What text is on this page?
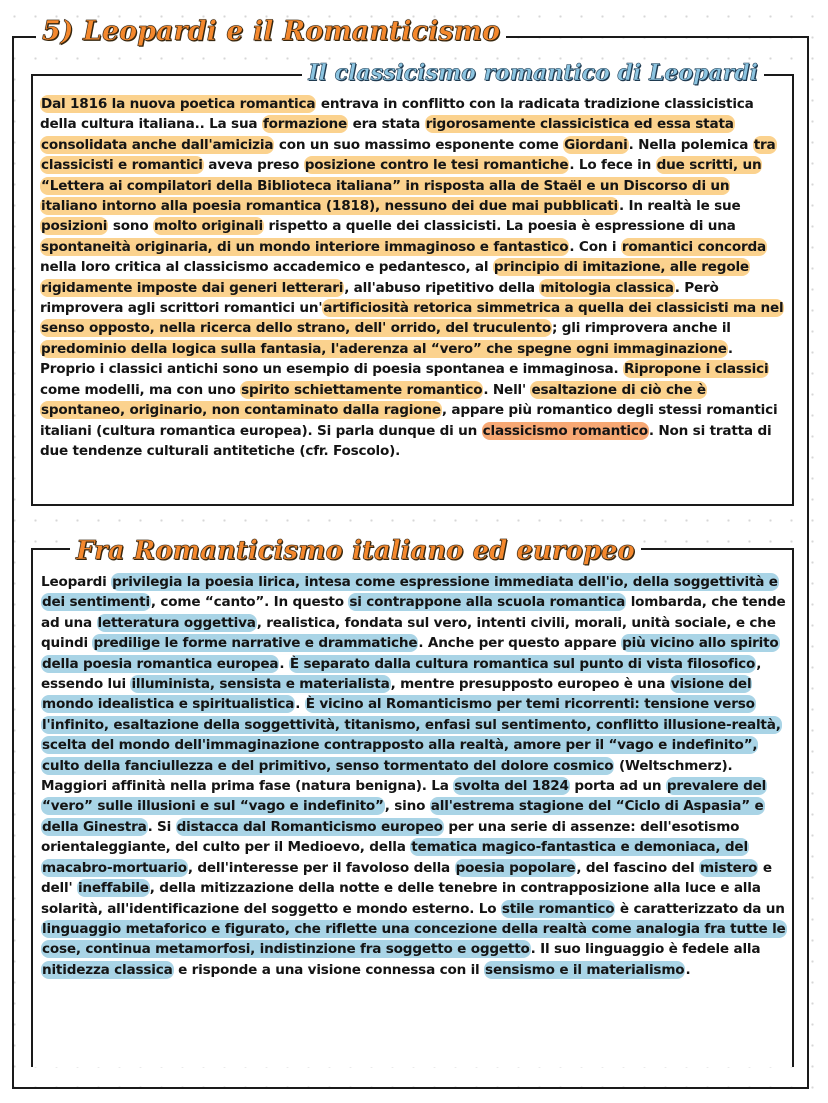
Dal 1816 la nuova poetica romantica entrava in conflitto con la radicata tradizione classicistica della cultura italiana.. La sua formazione era stata rigorosamente classicistica ed essa stata consolidata anche dall'amicizia con un suo massimo esponente come Giordani. Nella polemica tra classicisti e romantici aveva preso posizione contro le tesi romantiche. Lo fece in due scritti, un “Lettera ai compilatori della Biblioteca italiana” in risposta alla de Staël e un Discorso di un italiano intorno alla poesia romantica (1818), nessuno dei due mai pubblicati. In realtà le sue posizioni sono molto originali rispetto a quelle dei classicisti. La poesia è espressione di una spontaneità originaria, di un mondo interiore immaginoso e fantastico. Con i romantici concorda nella loro critica al classicismo accademico e pedantesco, al principio di imitazione, alle regole rigidamente imposte dai generi letterari, all'abuso ripetitivo della mitologia classica. Però rimprovera agli scrittori romantici un'artificiosità retorica simmetrica a quella dei classicisti ma nel senso opposto, nella ricerca dello strano, dell' orrido, del truculento; gli rimprovera anche il predominio della logica sulla fantasia, l'aderenza al “vero” che spegne ogni immaginazione. Proprio i classici antichi sono un esempio di poesia spontanea e immaginosa. Ripropone i classici come modelli, ma con uno spirito schiettamente romantico. Nell' esaltazione di ciò che è spontaneo, originario, non contaminato dalla ragione, appare più romantico degli stessi romantici italiani (cultura romantica europea). Si parla dunque di un classicismo romantico. Non si tratta di due tendenze culturali antitetiche (cfr. Foscolo).

Leopardi privilegia la poesia lirica, intesa come espressione immediata dell'io, della soggettività e dei sentimenti, come “canto”. In questo si contrappone alla scuola romantica lombarda, che tende ad una letteratura oggettiva, realistica, fondata sul vero, intenti civili, morali, unità sociale, e che quindi predilige le forme narrative e drammatiche. Anche per questo appare più vicino allo spirito della poesia romantica europea. È separato dalla cultura romantica sul punto di vista filosofico, essendo lui illuminista, sensista e materialista, mentre presupposto europeo è una visione del mondo idealistica e spiritualistica. È vicino al Romanticismo per temi ricorrenti: tensione verso l'infinito, esaltazione della soggettività, titanismo, enfasi sul sentimento, conflitto illusione-realtà, scelta del mondo dell'immaginazione contrapposto alla realtà, amore per il “vago e indefinito”, culto della fanciullezza e del primitivo, senso tormentato del dolore cosmico (Weltschmerz). Maggiori affinità nella prima fase (natura benigna). La svolta del 1824 porta ad un prevalere del “vero” sulle illusioni e sul “vago e indefinito”, sino all'estrema stagione del “Ciclo di Aspasia” e della Ginestra. Si distacca dal Romanticismo europeo per una serie di assenze: dell'esotismo orientaleggiante, del culto per il Medioevo, della tematica magico-fantastica e demoniaca, del macabro-mortuario, dell'interesse per il favoloso della poesia popolare, del fascino del mistero e dell' ineffabile, della mitizzazione della notte e delle tenebre in contrapposizione alla luce e alla solarità, all'identificazione del soggetto e mondo esterno. Lo stile romantico è caratterizzato da un linguaggio metaforico e figurato, che riflette una concezione della realtà come analogia fra tutte le cose, continua metamorfosi, indistinzione fra soggetto e oggetto. Il suo linguaggio è fedele alla nitidezza classica e risponde a una visione connessa con il sensismo e il materialismo.

5) Leopardi e il Romanticismo
Il classicismo romantico di Leopardi
Fra Romanticismo italiano ed europeo
